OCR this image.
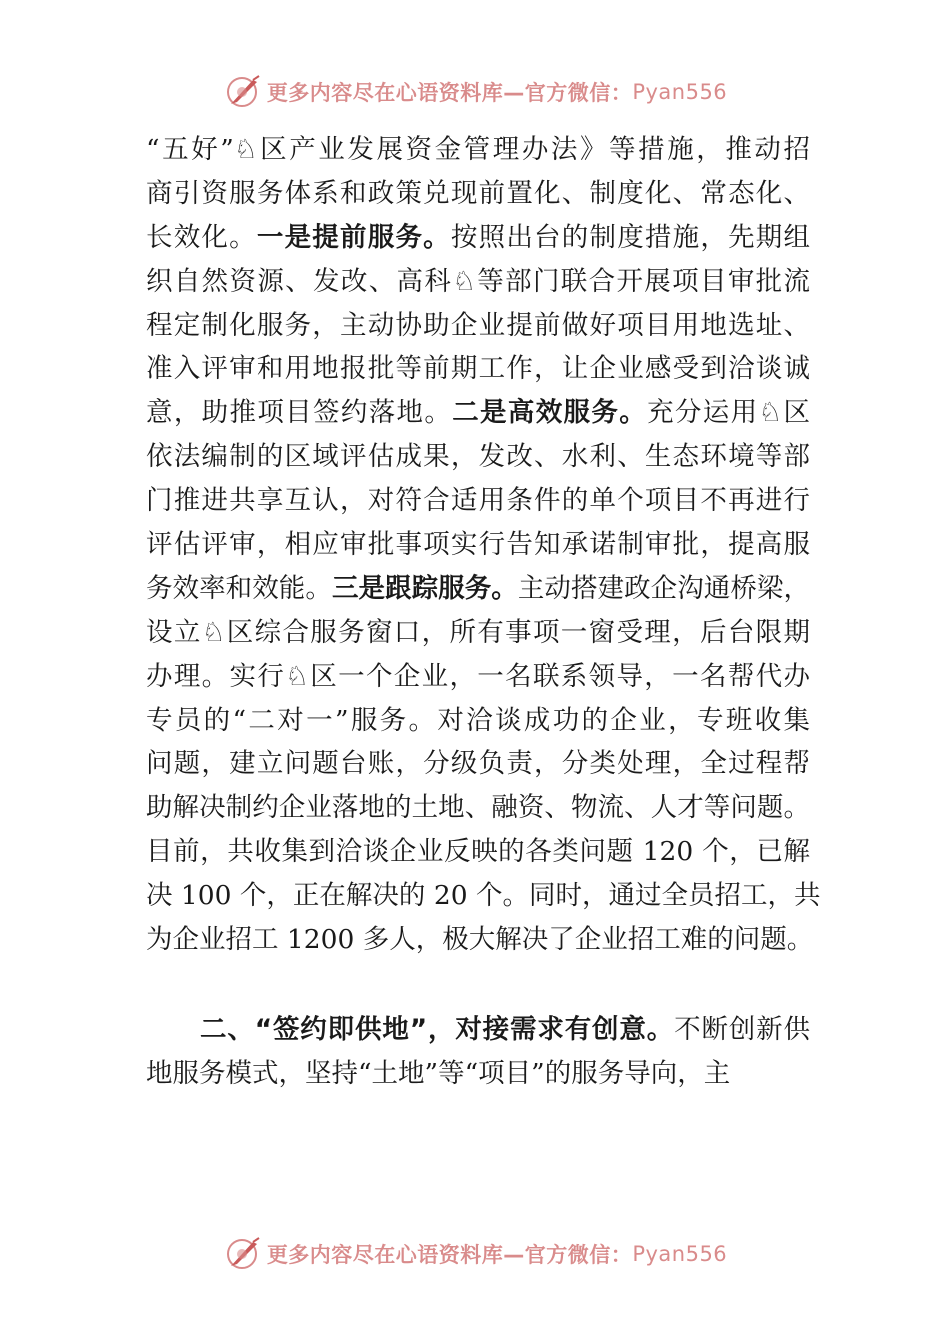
更多内容尽在心语资料库—官方微信： Pyan556
“五好”♘区产业发展资金管理办法》等措施，推动招
商引资服务体系和政策兑现前置化、制度化、常态化、
长效化。一是提前服务。按照出台的制度措施，先期组
织自然资源、发改、高科♘等部门联合开展项目审批流
程定制化服务，主动协助企业提前做好项目用地选址、
准入评审和用地报批等前期工作，让企业感受到洽谈诚
意，助推项目签约落地。二是高效服务。充分运用♘区
依法编制的区域评估成果，发改、水利、生态环境等部
门推进共享互认，对符合适用条件的单个项目不再进行
评估评审，相应审批事项实行告知承诺制审批，提高服
务效率和效能。三是跟踪服务。主动搭建政企沟通桥梁，
设立♘区综合服务窗口，所有事项一窗受理，后台限期
办理。实行♘区一个企业，一名联系领导，一名帮代办
专员的“二对一”服务。对洽谈成功的企业，专班收集
问题，建立问题台账，分级负责，分类处理，全过程帮
助解决制约企业落地的土地、融资、物流、人才等问题。
目前，共收集到洽谈企业反映的各类问题 120 个，已解
决 100 个，正在解决的 20 个。同时，通过全员招工，共
为企业招工 1200 多人，极大解决了企业招工难的问题。
二、“签约即供地”，对接需求有创意。不断创新供
地服务模式，坚持“土地”等“项目”的服务导向，主
更多内容尽在心语资料库—官方微信： Pyan556
